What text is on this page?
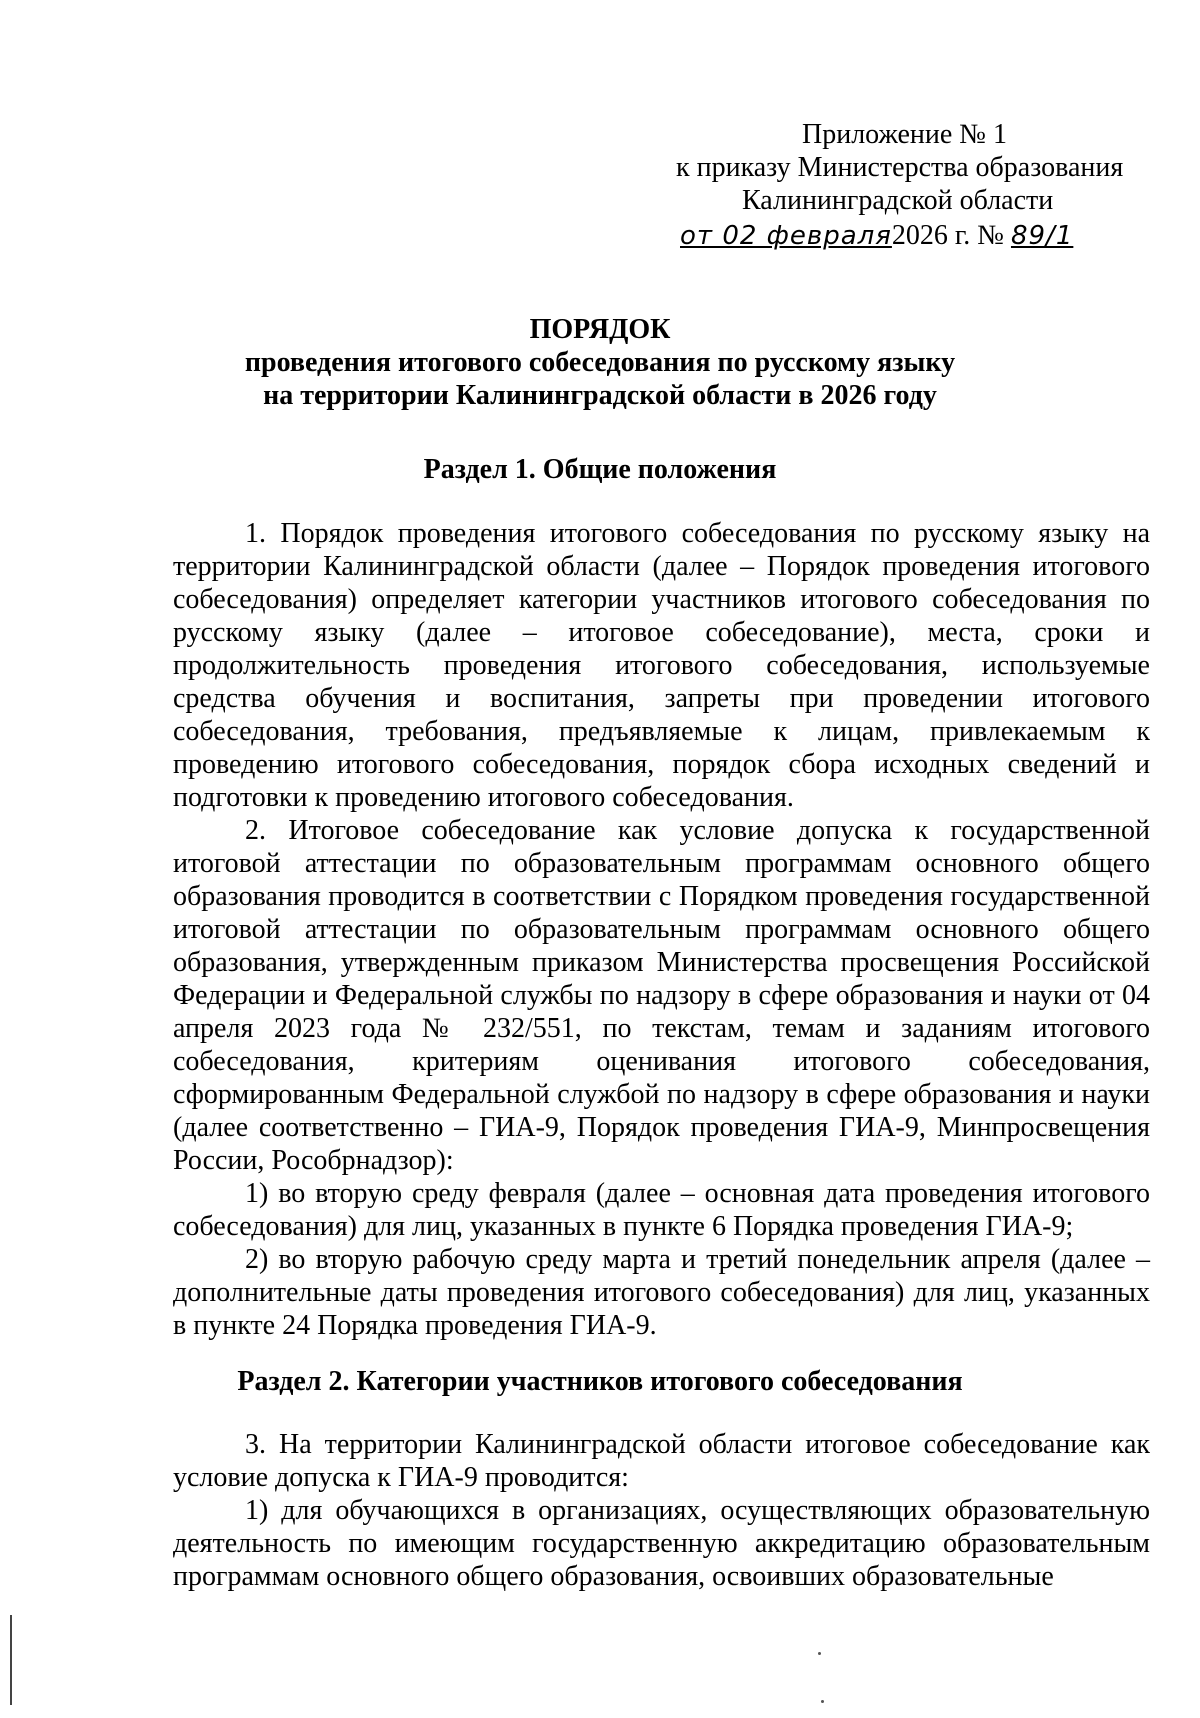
Приложение № 1
к приказу Министерства образования
Калининградской области
от 02 февраля2026 г. № 89/1
ПОРЯДОК
проведения итогового собеседования по русскому языку
на территории Калининградской области в 2026 году
Раздел 1. Общие положения

1. Порядок проведения итогового собеседования по русскому языку на территории Калининградской области (далее – Порядок проведения итогового собеседования) определяет категории участников итогового собеседования по русскому языку (далее – итоговое собеседование), места, сроки и продолжительность проведения итогового собеседования, используемые средства обучения и воспитания, запреты при проведении итогового собеседования, требования, предъявляемые к лицам, привлекаемым к проведению итогового собеседования, порядок сбора исходных сведений и подготовки к проведению итогового собеседования.

2. Итоговое собеседование как условие допуска к государственной итоговой аттестации по образовательным программам основного общего образования проводится в соответствии с Порядком проведения государственной итоговой аттестации по образовательным программам основного общего образования, утвержденным приказом Министерства просвещения Российской Федерации и Федеральной службы по надзору в сфере образования и науки от 04 апреля 2023 года № 232/551, по текстам, темам и заданиям итогового собеседования, критериям оценивания итогового собеседования, сформированным Федеральной службой по надзору в сфере образования и науки (далее соответственно – ГИА-9, Порядок проведения ГИА-9, Минпросвещения России, Рособрнадзор):

1) во вторую среду февраля (далее – основная дата проведения итогового собеседования) для лиц, указанных в пункте 6 Порядка проведения ГИА-9;

2) во вторую рабочую среду марта и третий понедельник апреля (далее – дополнительные даты проведения итогового собеседования) для лиц, указанных в пункте 24 Порядка проведения ГИА-9.

Раздел 2. Категории участников итогового собеседования

3. На территории Калининградской области итоговое собеседование как условие допуска к ГИА-9 проводится:

1) для обучающихся в организациях, осуществляющих образовательную деятельность по имеющим государственную аккредитацию образовательным программам основного общего образования, освоивших образовательные
